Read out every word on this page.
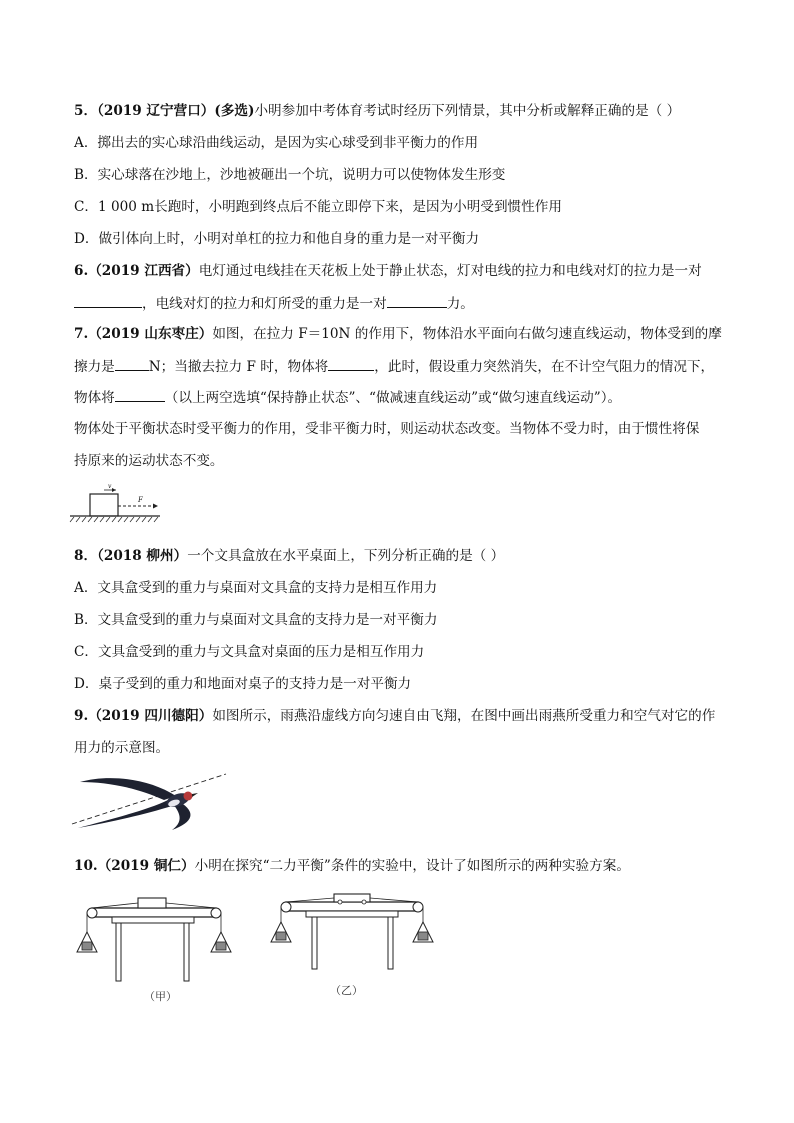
5．（2019 辽宁营口）(多选)小明参加中考体育考试时经历下列情景，其中分析或解释正确的是（ ）
A．掷出去的实心球沿曲线运动，是因为实心球受到非平衡力的作用
B．实心球落在沙地上，沙地被砸出一个坑，说明力可以使物体发生形变
C．1 000 m长跑时，小明跑到终点后不能立即停下来，是因为小明受到惯性作用
D．做引体向上时，小明对单杠的拉力和他自身的重力是一对平衡力
6.（2019 江西省）电灯通过电线挂在天花板上处于静止状态，灯对电线的拉力和电线对灯的拉力是一对
，电线对灯的拉力和灯所受的重力是一对	力。
7.（2019 山东枣庄）如图，在拉力 F＝10N 的作用下，物体沿水平面向右做匀速直线运动，物体受到的摩
擦力是	N；当撤去拉力 F 时，物体将	，此时，假设重力突然消失，在不计空气阻力的情况下，
物体将	（以上两空选填“保持静止状态”、“做减速直线运动”或“做匀速直线运动”）。
物体处于平衡状态时受平衡力的作用，受非平衡力时，则运动状态改变。当物体不受力时，由于惯性将保
持原来的运动状态不变。
v
F
8．（2018 柳州）一个文具盒放在水平桌面上，下列分析正确的是（ ）
A．文具盒受到的重力与桌面对文具盒的支持力是相互作用力
B．文具盒受到的重力与桌面对文具盒的支持力是一对平衡力
C．文具盒受到的重力与文具盒对桌面的压力是相互作用力
D．桌子受到的重力和地面对桌子的支持力是一对平衡力
9.（2019 四川德阳）如图所示，雨燕沿虚线方向匀速自由飞翔，在图中画出雨燕所受重力和空气对它的作
用力的示意图。
10.（2019 铜仁）小明在探究“二力平衡”条件的实验中，设计了如图所示的两种实验方案。
（甲）	（乙）
